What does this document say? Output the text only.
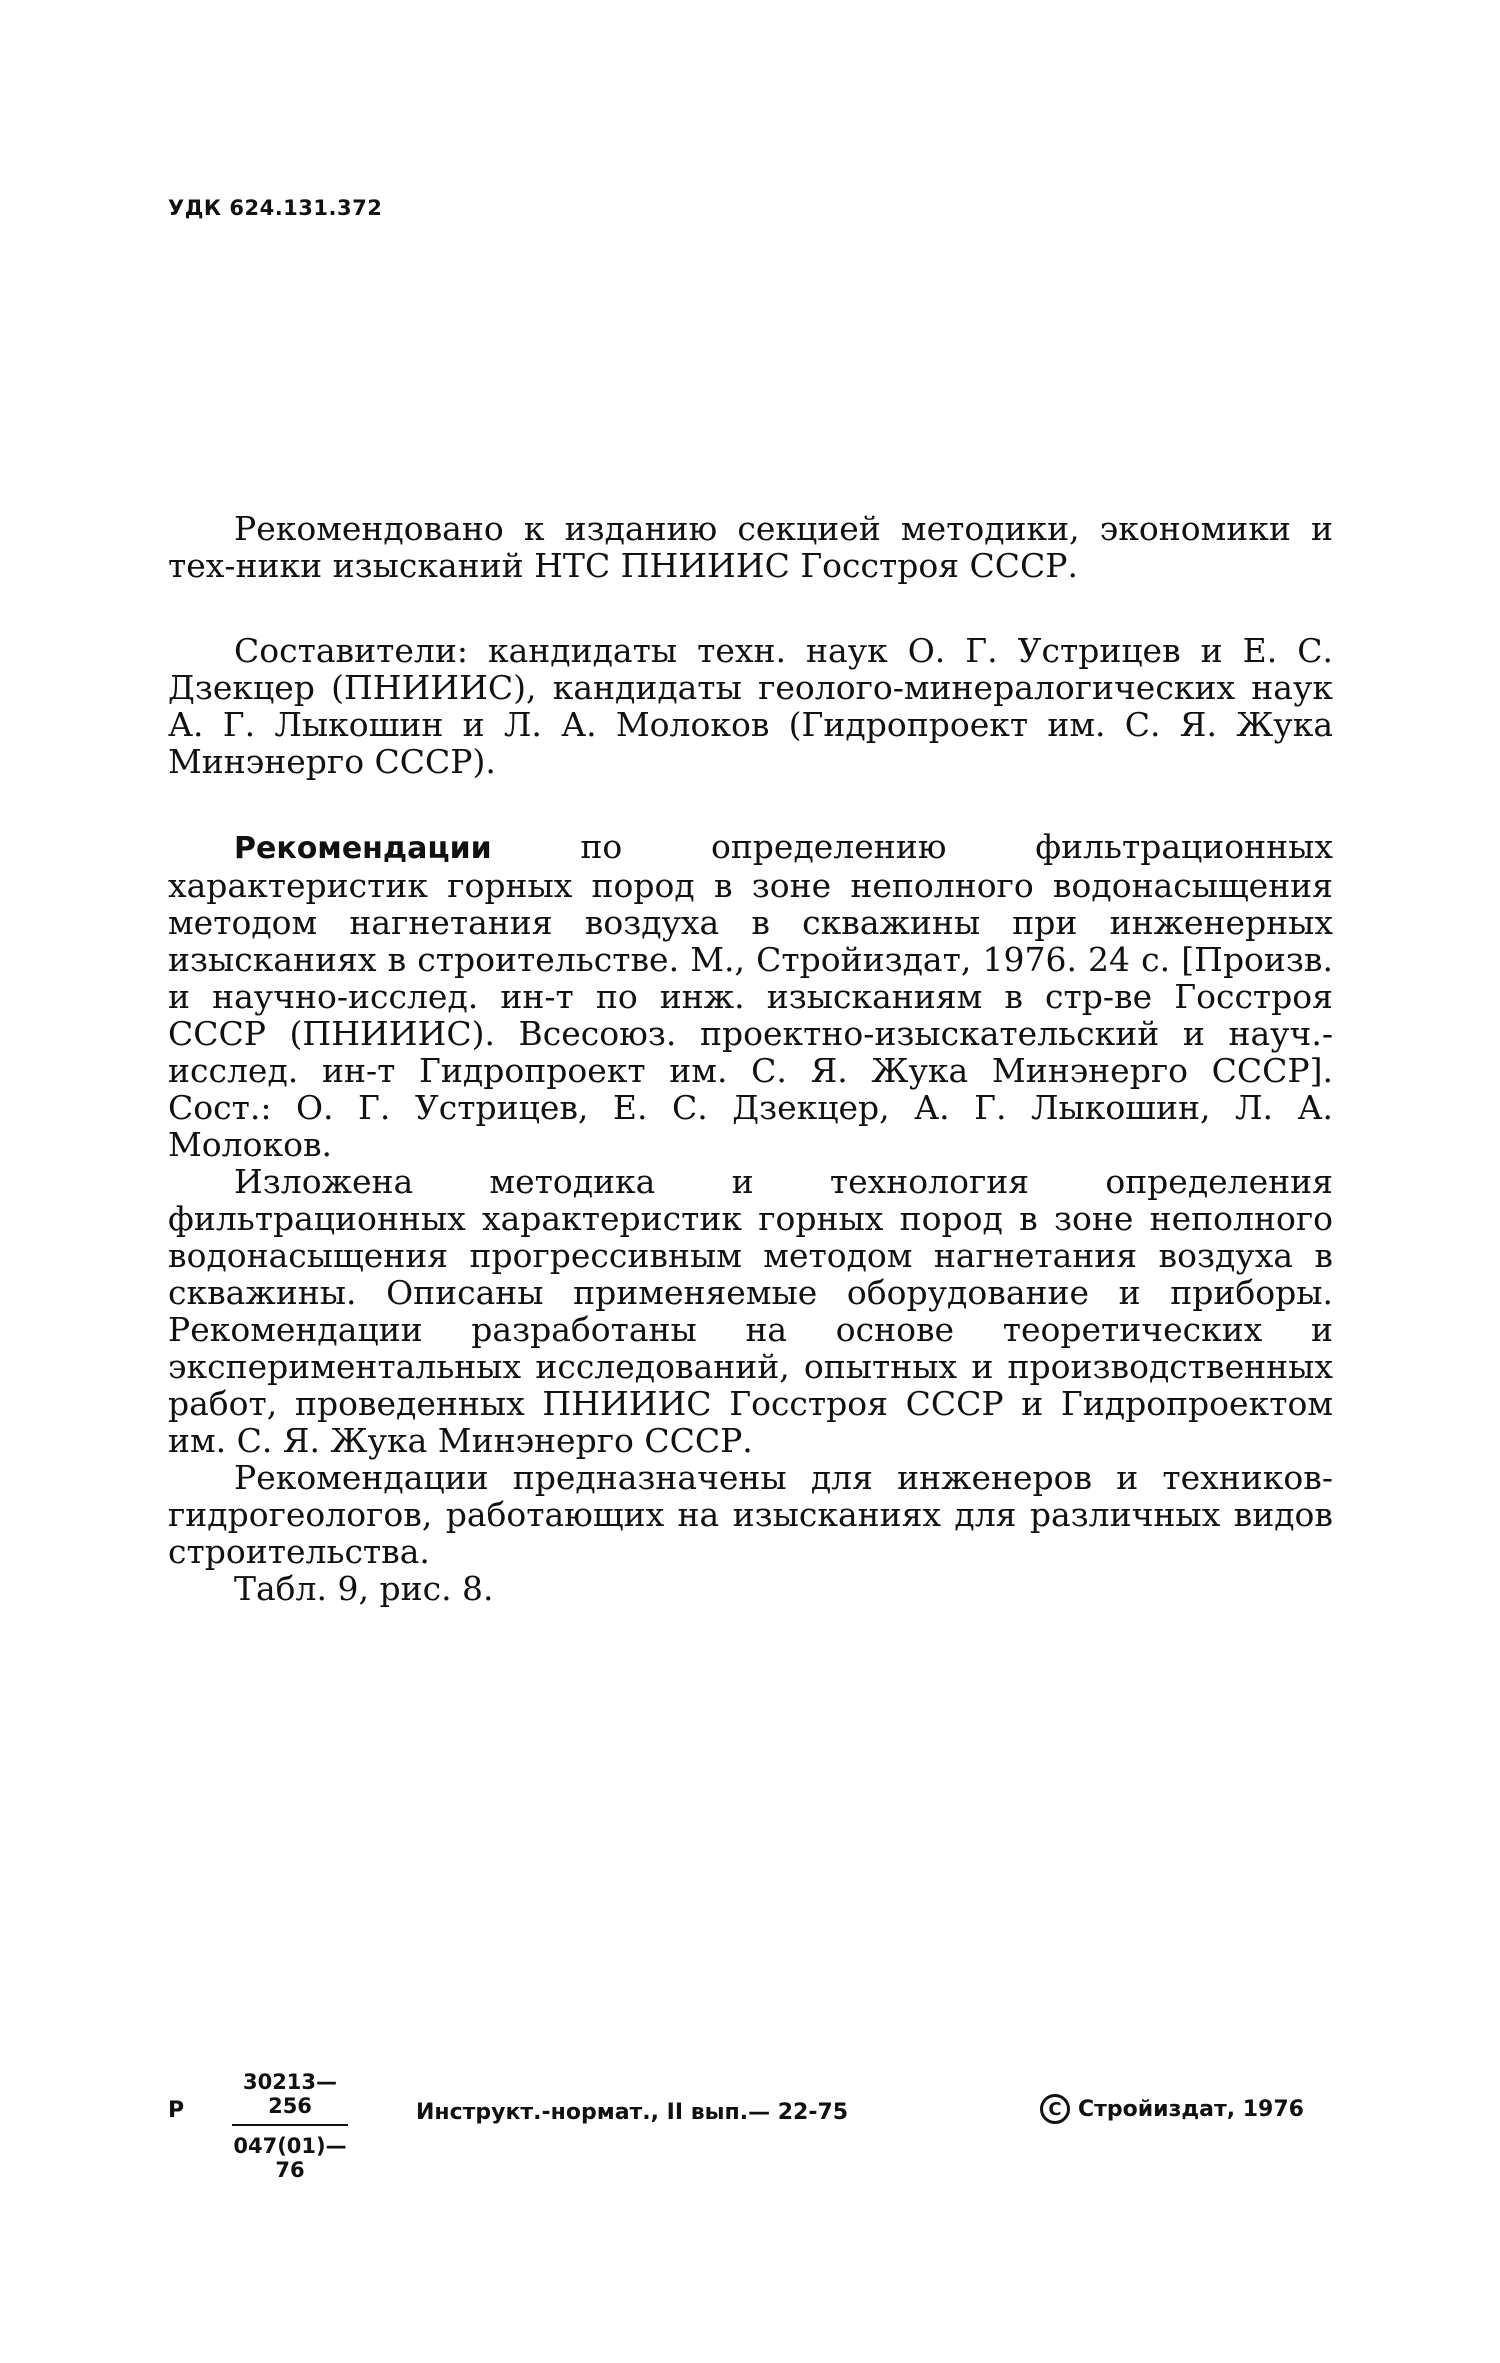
УДК 624.131.372

Рекомендовано к изданию секцией методики, экономики и тех-ники изысканий НТС ПНИИИС Госстроя СССР.

Составители: кандидаты техн. наук О. Г. Устрицев и Е. С. Дзекцер (ПНИИИС), кандидаты геолого-минералогических наук А. Г. Лыкошин и Л. А. Молоков (Гидропроект им. С. Я. Жука Минэнерго СССР).

Рекомендации по определению фильтрационных характеристик горных пород в зоне неполного водонасыщения методом нагнетания воздуха в скважины при инженерных изысканиях в строительстве. М., Стройиздат, 1976. 24 с. [Произв. и научно-исслед. ин-т по инж. изысканиям в стр-ве Госстроя СССР (ПНИИИС). Всесоюз. проектно-изыскательский и науч.-исслед. ин-т Гидропроект им. С. Я. Жука Минэнерго СССР]. Сост.: О. Г. Устрицев, Е. С. Дзекцер, А. Г. Лыкошин, Л. А. Молоков.

Изложена методика и технология определения фильтрационных характеристик горных пород в зоне неполного водонасыщения прогрессивным методом нагнетания воздуха в скважины. Описаны применяемые оборудование и приборы. Рекомендации разработаны на основе теоретических и экспериментальных исследований, опытных и производственных работ, проведенных ПНИИИС Госстроя СССР и Гидропроектом им. С. Я. Жука Минэнерго СССР.

Рекомендации предназначены для инженеров и техников-гидрогеологов, работающих на изысканиях для различных видов строительства.

Табл. 9, рис. 8.

Р
30213—256
047(01)—76
Инструкт.-нормат., II вып.— 22-75	C Стройиздат, 1976
